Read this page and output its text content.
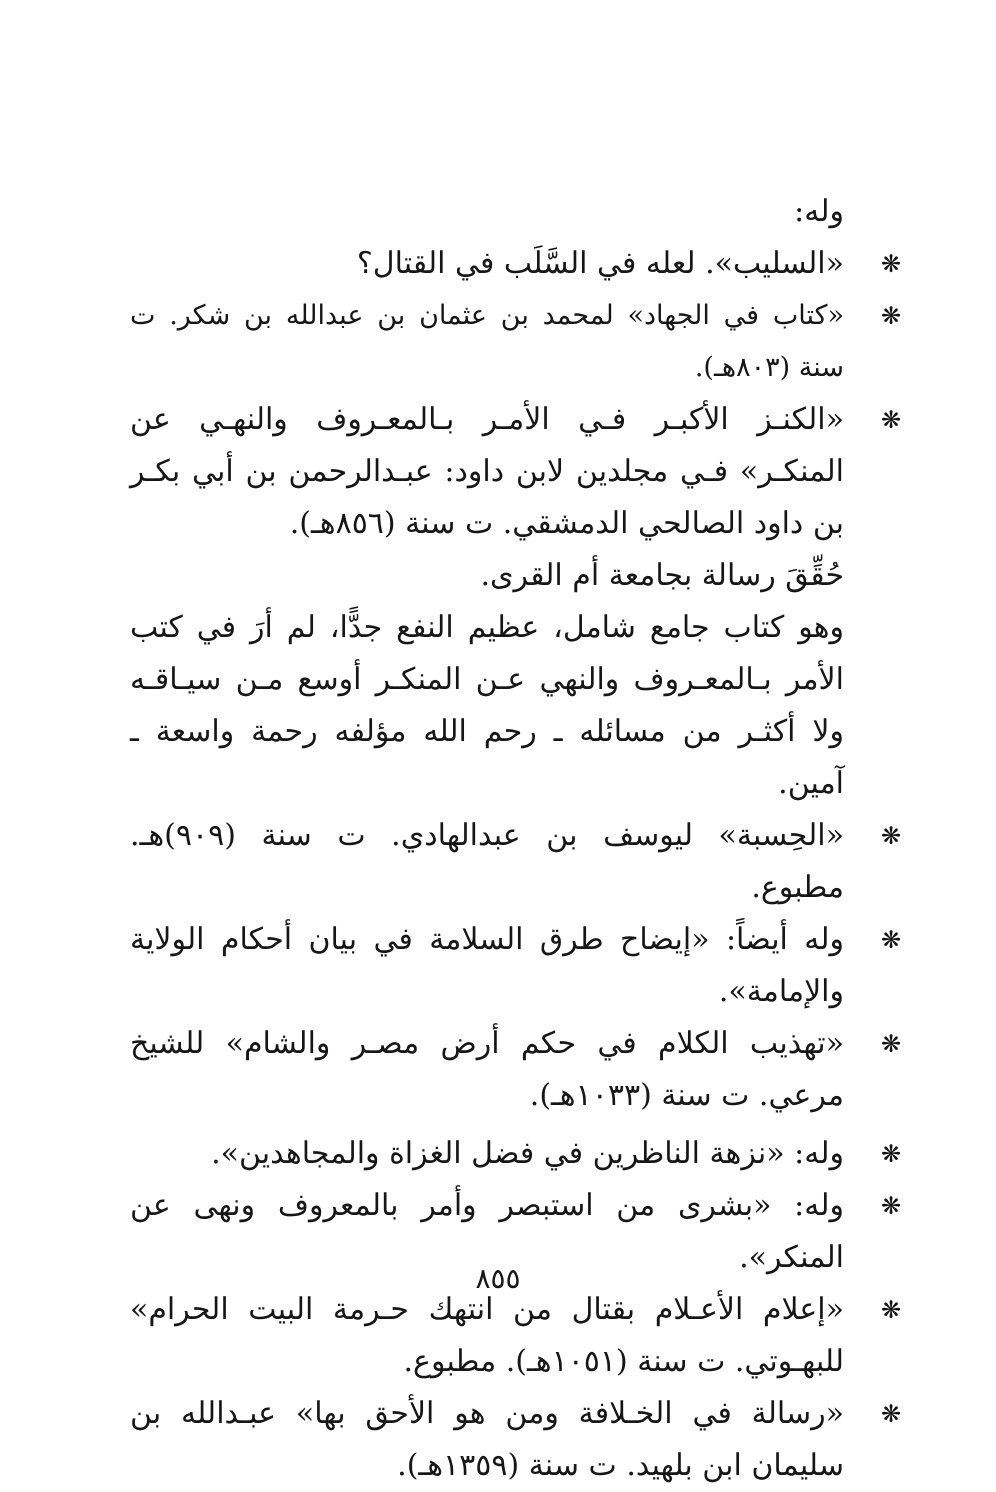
وله:

❋

«السليب». لعله في السَّلَب في القتال؟

❋

«كتاب في الجهاد» لمحمد بن عثمان بن عبدالله بن شكر. ت سنة (٨٠٣هـ).

❋

«الكنـز الأكبـر فـي الأمـر بـالمعـروف والنهـي عن المنكـر» فـي مجلدين لابن داود: عبـدالرحمن بن أبي بكـر بن داود الصالحي الدمشقي. ت سنة (٨٥٦هـ).

حُقِّقَ رسالة بجامعة أم القرى.

وهو كتاب جامع شامل، عظيم النفع جدًّا، لم أرَ في كتب الأمر بـالمعـروف والنهي عـن المنكـر أوسع مـن سيـاقـه ولا أكثـر من مسائله ـ رحم الله مؤلفه رحمة واسعة ـ آمين.

❋

«الحِسبة» ليوسف بن عبدالهادي. ت سنة (٩٠٩)هـ. مطبوع.

❋

وله أيضاً: «إيضاح طرق السلامة في بيان أحكام الولاية والإمامة».

❋

«تهذيب الكلام في حكم أرض مصـر والشام» للشيخ مرعي. ت سنة (١٠٣٣هـ).

❋

وله: «نزهة الناظرين في فضل الغزاة والمجاهدين».

❋

وله: «بشرى من استبصر وأمر بالمعروف ونهى عن المنكر».

❋

«إعلام الأعـلام بقتال من انتهك حـرمة البيت الحرام» للبهـوتي. ت سنة (١٠٥١هـ). مطبوع.

❋

«رسالة في الخـلافة ومن هو الأحق بها» عبـدالله بن سليمان ابن بلهيد. ت سنة (١٣٥٩هـ).

٨٥٥
